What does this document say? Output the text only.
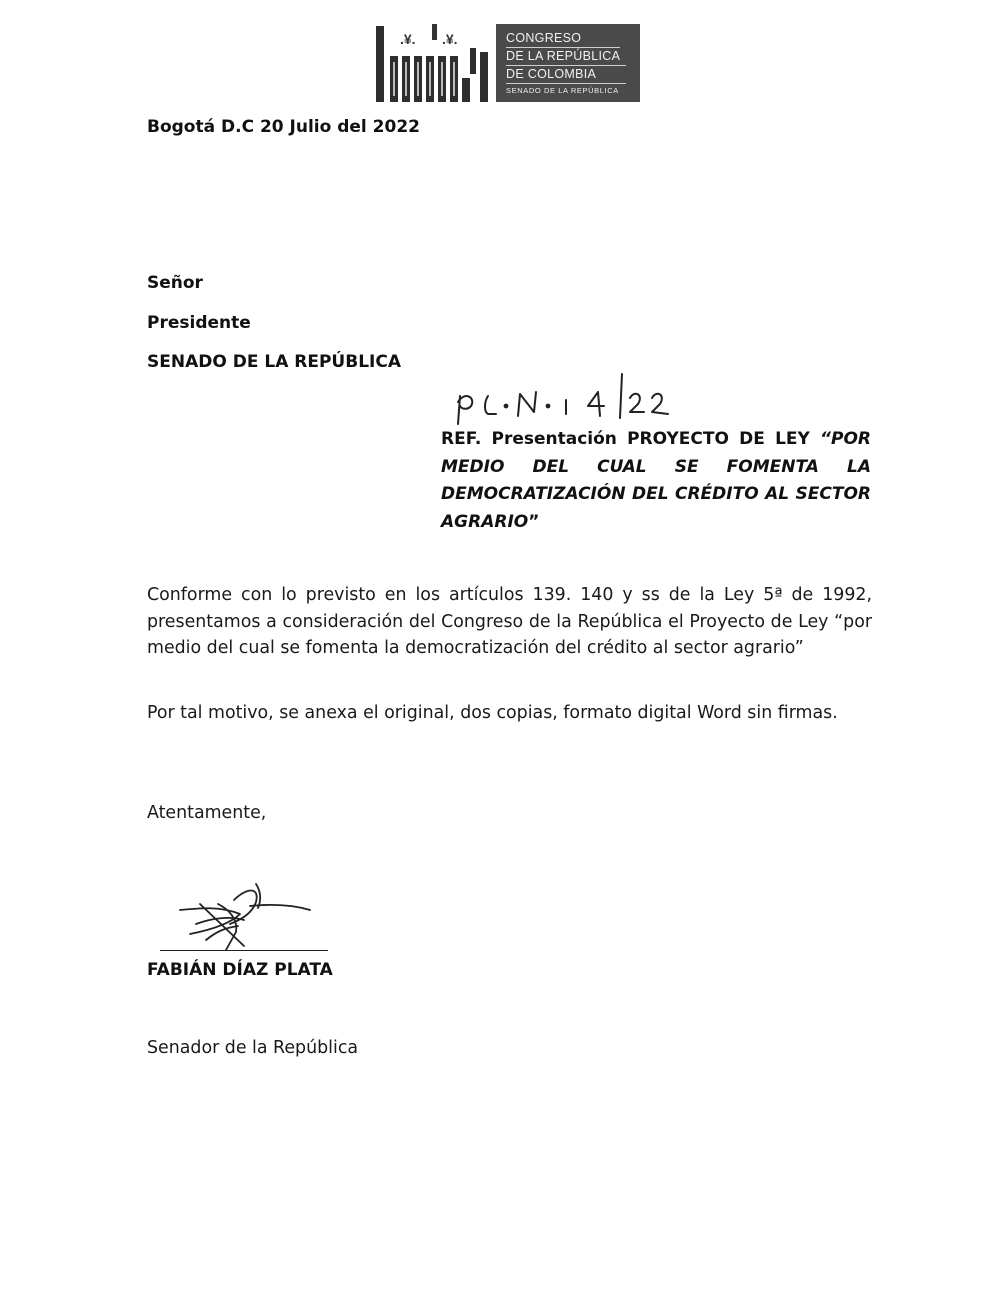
.¥. .¥.	CONGRESO
DE LA REPÚBLICA
DE COLOMBIA
SENADO DE LA REPÚBLICA
Bogotá D.C 20 Julio del 2022
Señor
Presidente
SENADO DE LA REPÚBLICA
REF. Presentación PROYECTO DE LEY “POR MEDIO DEL CUAL SE FOMENTA LA DEMOCRATIZACIÓN DEL CRÉDITO AL SECTOR AGRARIO”
Conforme con lo previsto en los artículos 139. 140 y ss de la Ley 5ª de 1992, presentamos a consideración del Congreso de la República el Proyecto de Ley “por medio del cual se fomenta la democratización del crédito al sector agrario”
Por tal motivo, se anexa el original, dos copias, formato digital Word sin firmas.
Atentamente,
FABIÁN DÍAZ PLATA
Senador de la República
